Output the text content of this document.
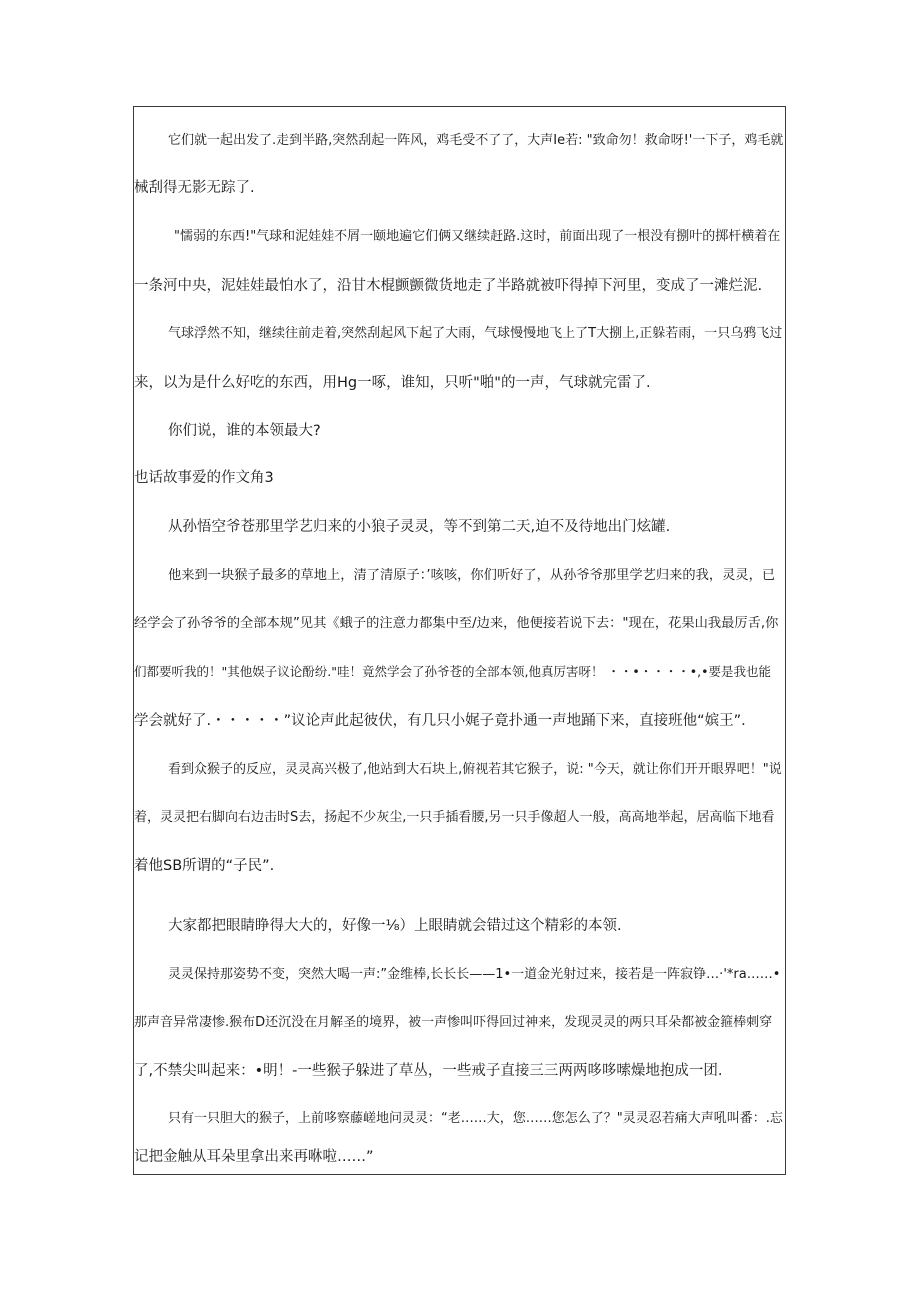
它们就一起出发了.走到半路,突然刮起一阵风，鸡毛受不了了，大声Ie若: "致命勿！救命呀!'一下子，鸡毛就
械刮得无影无踪了.
"懦弱的东西!"气球和泥娃娃不屑一颐地遍它们俩又继续赶路.这时，前面出现了一根没有捌叶的掷杆横着在
一条河中央，泥娃娃最怕水了，沿甘木棍颤颤微货地走了半路就被吓得掉下河里，变成了一滩烂泥.
气球浮然不知，继续往前走着,突然刮起风下起了大雨，气球慢慢地飞上了T大捌上,正躲若雨，一只乌鸦飞过
来，以为是什么好吃的东西，用Hg一啄，谁知，只听"啪"的一声，气球就完雷了.
你们说，谁的本领最大?
也话故事爱的作文角3
从孙悟空爷苍那里学艺归来的小狼子灵灵，等不到第二天,迫不及待地出门炫罐.
他来到一块猴子最多的草地上，清了清原子：’咳咳，你们听好了，从孙爷爷那里学艺归来的我，灵灵，已
经学会了孙爷爷的全部本规”见其《蛾子的注意力都集中至/边来，他便接若说下去："现在，花果山我最厉舌,你
们都要听我的！"其他娱子议论酚纷."哇！竟然学会了孙爷苍的全部本领,他真厉害呀！ ・・•・・・・•,•要是我也能
学会就好了.・・・・・”议论声此起彼伏，有几只小娓子竟扑通一声地踊下来，直接班他“嫔王”.
看到众猴子的反应，灵灵高兴极了,他站到大石块上,俯视若其它猴子，说: "今天，就让你们开开眼界吧！"说
着，灵灵把右脚向右边击时S去，扬起不少灰尘,一只手插看腰,另一只手像超人一般，高高地举起，居高临下地看
着他SB所谓的“子民”.
大家都把眼睛睁得大大的，好像一⅛）上眼睛就会错过这个精彩的本领.
灵灵保持那姿势不变，突然大喝一声:”金维棒,长长长——1•一道金光射过来，接若是一阵寂铮…·'*ra……•
那声音异常凄惨.猴布D还沉没在月解圣的境界，被一声惨叫吓得回过神来，发现灵灵的两只耳朵都被金箍棒刺穿
了,不禁尖叫起来：•明！-一些猴子躲进了草丛，一些戒子直接三三两两哆哆嗦燥地抱成一团.
只有一只胆大的猴子，上前哆察藤嵯地问灵灵：“老……大，您……您怎么了？"灵灵忍若痛大声吼叫番：.忘
记把金触从耳朵里拿出来再咻啦……”
